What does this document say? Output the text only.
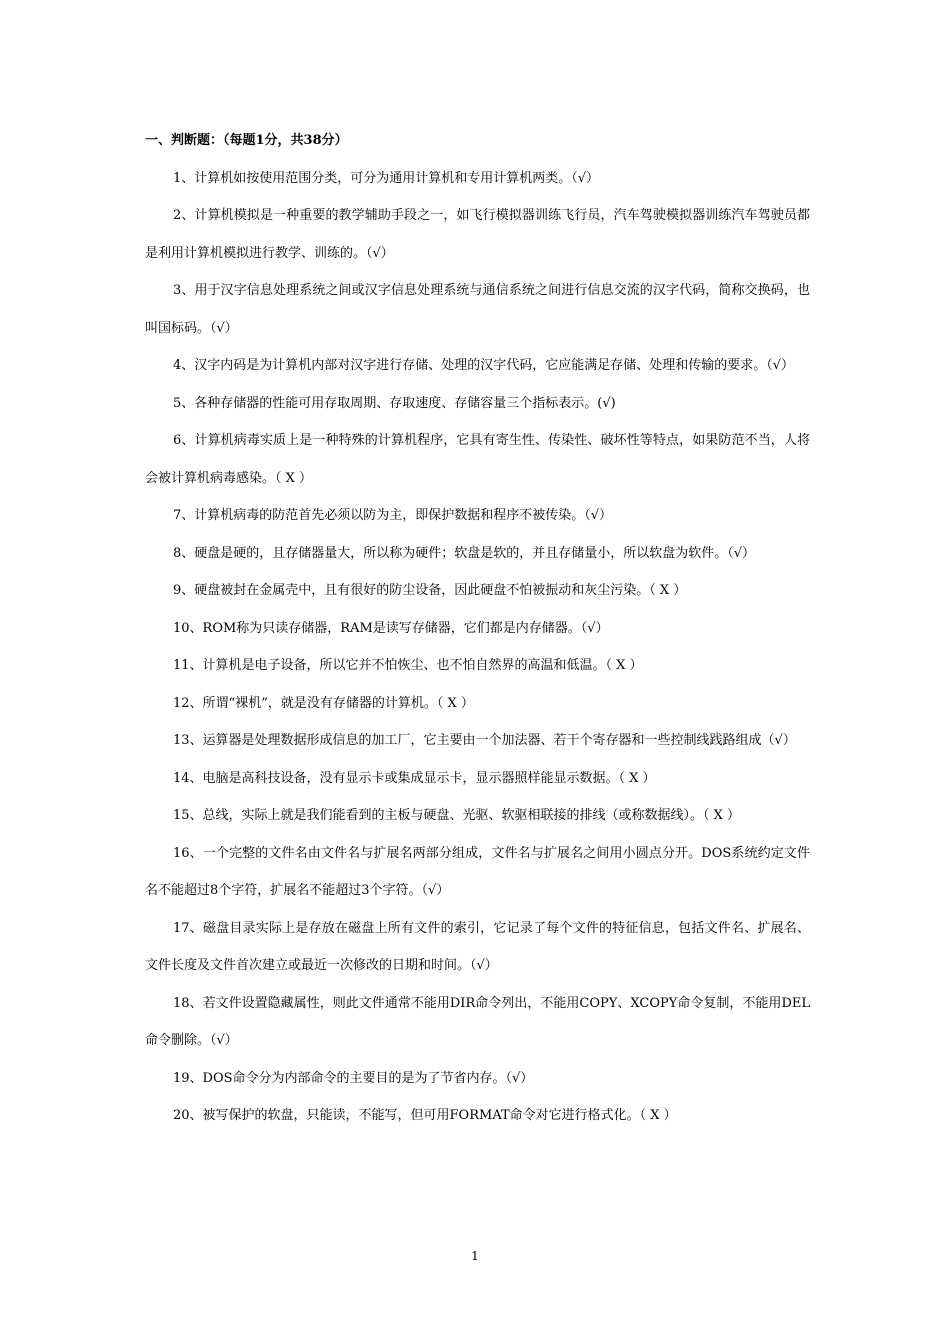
一、判断题：（每题1分，共38分）

1、计算机如按使用范围分类，可分为通用计算机和专用计算机两类。（√）

2、计算机模拟是一种重要的教学辅助手段之一，如飞行模拟器训练飞行员，汽车驾驶模拟器训练汽车驾驶员都是利用计算机模拟进行教学、训练的。（√）

3、用于汉字信息处理系统之间或汉字信息处理系统与通信系统之间进行信息交流的汉字代码，简称交换码，也叫国标码。（√）

4、汉字内码是为计算机内部对汉字进行存储、处理的汉字代码，它应能满足存储、处理和传输的要求。（√）

5、各种存储器的性能可用存取周期、存取速度、存储容量三个指标表示。(√)

6、计算机病毒实质上是一种特殊的计算机程序，它具有寄生性、传染性、破坏性等特点，如果防范不当，人将会被计算机病毒感染。（ X ）

7、计算机病毒的防范首先必须以防为主，即保护数据和程序不被传染。（√）

8、硬盘是硬的，且存储器量大，所以称为硬件；软盘是软的，并且存储量小，所以软盘为软件。（√）

9、硬盘被封在金属壳中，且有很好的防尘设备，因此硬盘不怕被振动和灰尘污染。（ X ）

10、ROM称为只读存储器，RAM是读写存储器，它们都是内存储器。（√）

11、计算机是电子设备，所以它并不怕恢尘、也不怕自然界的高温和低温。（ X ）

12、所谓“裸机”，就是没有存储器的计算机。（ X ）

13、运算器是处理数据形成信息的加工厂，它主要由一个加法器、若干个寄存器和一些控制线践路组成（√）

14、电脑是高科技设备，没有显示卡或集成显示卡，显示器照样能显示数据。（ X ）

15、总线，实际上就是我们能看到的主板与硬盘、光驱、软驱相联接的排线（或称数据线）。（ X ）

16、一个完整的文件名由文件名与扩展名两部分组成，文件名与扩展名之间用小圆点分开。DOS系统约定文件名不能超过8个字符，扩展名不能超过3个字符。（√）

17、磁盘目录实际上是存放在磁盘上所有文件的索引，它记录了每个文件的特征信息，包括文件名、扩展名、文件长度及文件首次建立或最近一次修改的日期和时间。（√）

18、若文件设置隐藏属性，则此文件通常不能用DIR命令列出，不能用COPY、XCOPY命令复制，不能用DEL命令删除。（√）

19、DOS命令分为内部命令的主要目的是为了节省内存。（√）

20、被写保护的软盘，只能读，不能写，但可用FORMAT命令对它进行格式化。（ X ）

1
